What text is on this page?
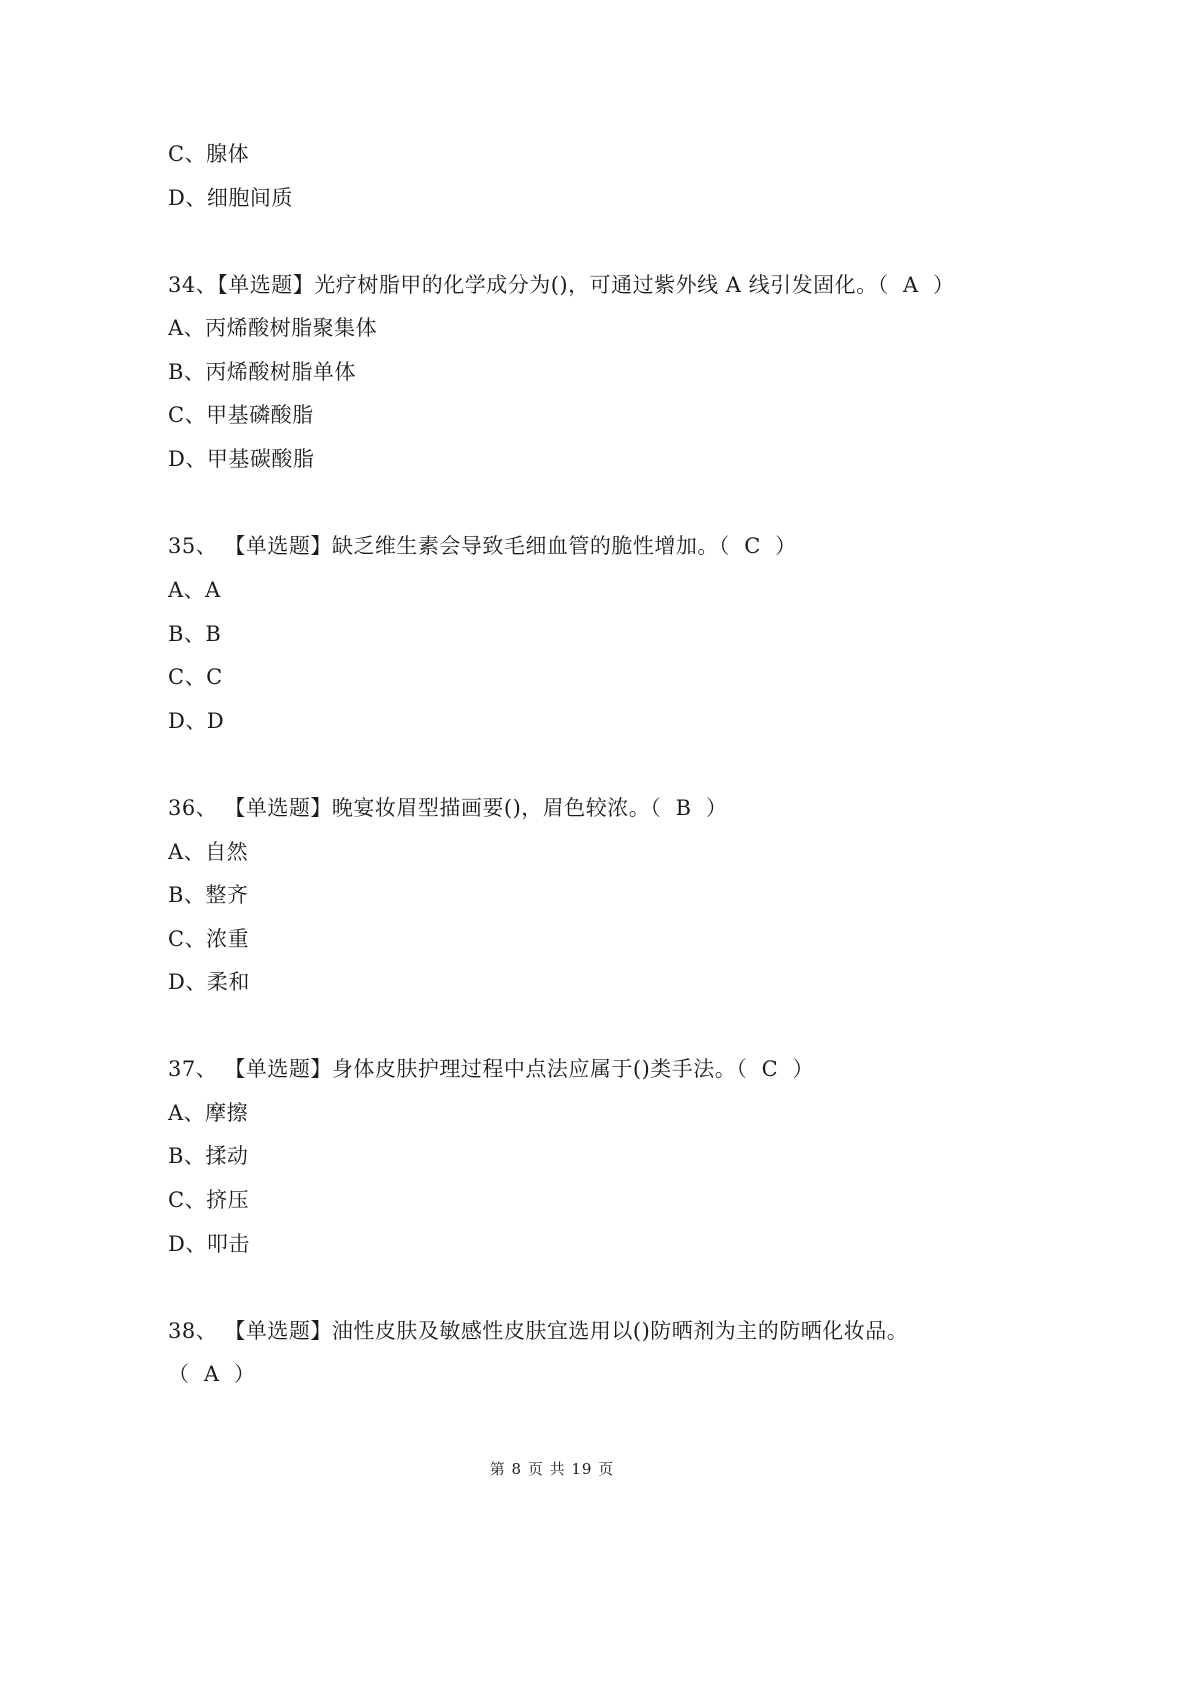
C、腺体
D、细胞间质
34、【单选题】光疗树脂甲的化学成分为()，可通过紫外线 A 线引发固化。（  A  ）
A、丙烯酸树脂聚集体
B、丙烯酸树脂单体
C、甲基磷酸脂
D、甲基碳酸脂
35、 【单选题】缺乏维生素会导致毛细血管的脆性增加。（  C  ）
A、A
B、B
C、C
D、D
36、 【单选题】晚宴妆眉型描画要()，眉色较浓。（  B  ）
A、自然
B、整齐
C、浓重
D、柔和
37、 【单选题】身体皮肤护理过程中点法应属于()类手法。（  C  ）
A、摩擦
B、揉动
C、挤压
D、叩击
38、 【单选题】油性皮肤及敏感性皮肤宜选用以()防晒剂为主的防晒化妆品。
（  A  ）
第 8 页 共 19 页
